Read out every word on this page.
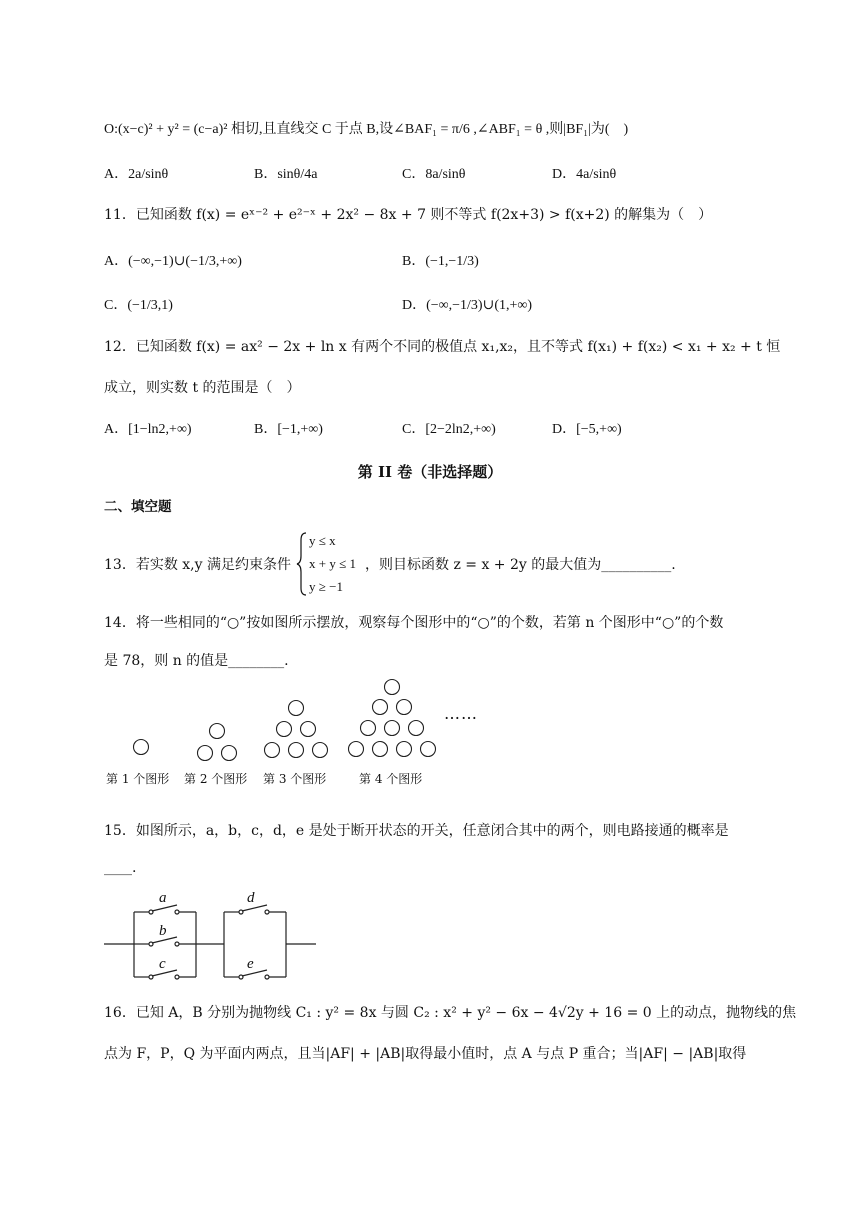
O:(x−c)² + y² = (c−a)² 相切,且直线交 C 于点 B,设∠BAF₁ = π/6 ,∠ABF₁ = θ ,则|BF₁|为(　)
A．2a/sinθ	B．sinθ/4a	C．8a/sinθ	D．4a/sinθ
11．已知函数 f(x) = eˣ⁻² + e²⁻ˣ + 2x² − 8x + 7 则不等式 f(2x+3) > f(x+2) 的解集为（　）
A．(−∞,−1)∪(−1/3,+∞)	B．(−1,−1/3)
C．(−1/3,1)	D．(−∞,−1/3)∪(1,+∞)
12．已知函数 f(x) = ax² − 2x + ln x 有两个不同的极值点 x₁,x₂，且不等式 f(x₁) + f(x₂) < x₁ + x₂ + t 恒
成立，则实数 t 的范围是（　）
A．[1−ln2,+∞)	B．[−1,+∞)	C．[2−2ln2,+∞)	D．[−5,+∞)
第 II 卷（非选择题）
二、填空题
13．若实数 x,y 满足约束条件
y ≤ x
x + y ≤ 1
y ≥ −1
，则目标函数 z = x + 2y 的最大值为__________.
14．将一些相同的“○”按如图所示摆放，观察每个图形中的“○”的个数，若第 n 个图形中“○”的个数
是 78，则 n 的值是________.
……
第 1 个图形 第 2 个图形 第 3 个图形	第 4 个图形
15．如图所示，a，b，c，d，e 是处于断开状态的开关，任意闭合其中的两个，则电路接通的概率是
____.
a
b
c
d
e
16．已知 A，B 分别为抛物线 C₁ : y² = 8x 与圆 C₂ : x² + y² − 6x − 4√2y + 16 = 0 上的动点，抛物线的焦
点为 F，P，Q 为平面内两点，且当|AF| + |AB|取得最小值时，点 A 与点 P 重合；当|AF| − |AB|取得
